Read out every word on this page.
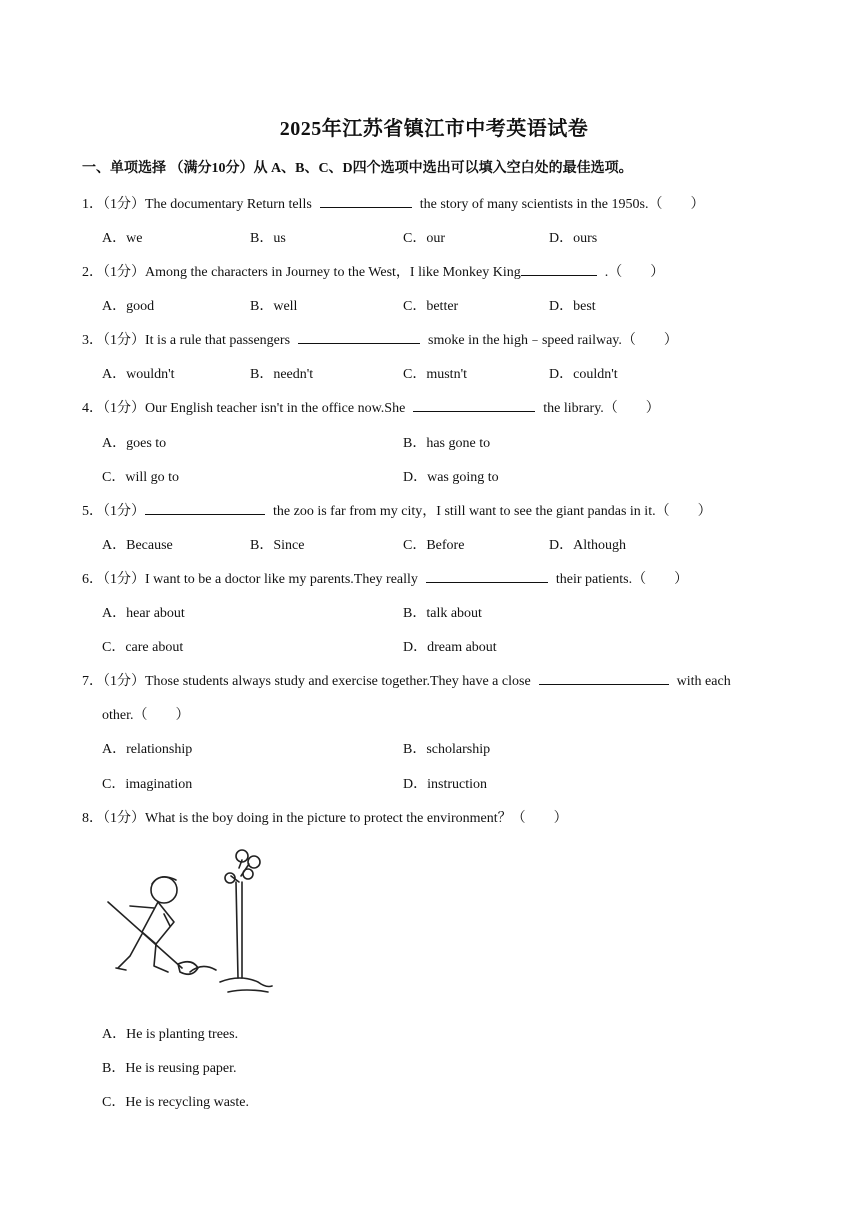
2025年江苏省镇江市中考英语试卷
一、单项选择 （满分10分）从 A、B、C、D四个选项中选出可以填入空白处的最佳选项。
1．（1分）The documentary Return tells	the story of many scientists in the 1950s.（　　）
A．we	B．us	C．our	D．ours
2．（1分）Among the characters in Journey to the West，I like Monkey King	.（　　）
A．good	B．well	C．better	D．best
3．（1分）It is a rule that passengers	smoke in the high﹣speed railway.（　　）
A．wouldn't	B．needn't	C．mustn't	D．couldn't
4．（1分）Our English teacher isn't in the office now.She	the library.（　　）
A．goes to	B．has gone to
C．will go to	D．was going to
5．（1分）	the zoo is far from my city，I still want to see the giant pandas in it.（　　）
A．Because	B．Since	C．Before	D．Although
6．（1分）I want to be a doctor like my parents.They really	their patients.（　　）
A．hear about	B．talk about
C．care about	D．dream about
7．（1分）Those students always study and exercise together.They have a close	with each
other.（　　）
A．relationship	B．scholarship
C．imagination	D．instruction
8．（1分）What is the boy doing in the picture to protect the environment？（　　）
A．He is planting trees.
B．He is reusing paper.
C．He is recycling waste.
